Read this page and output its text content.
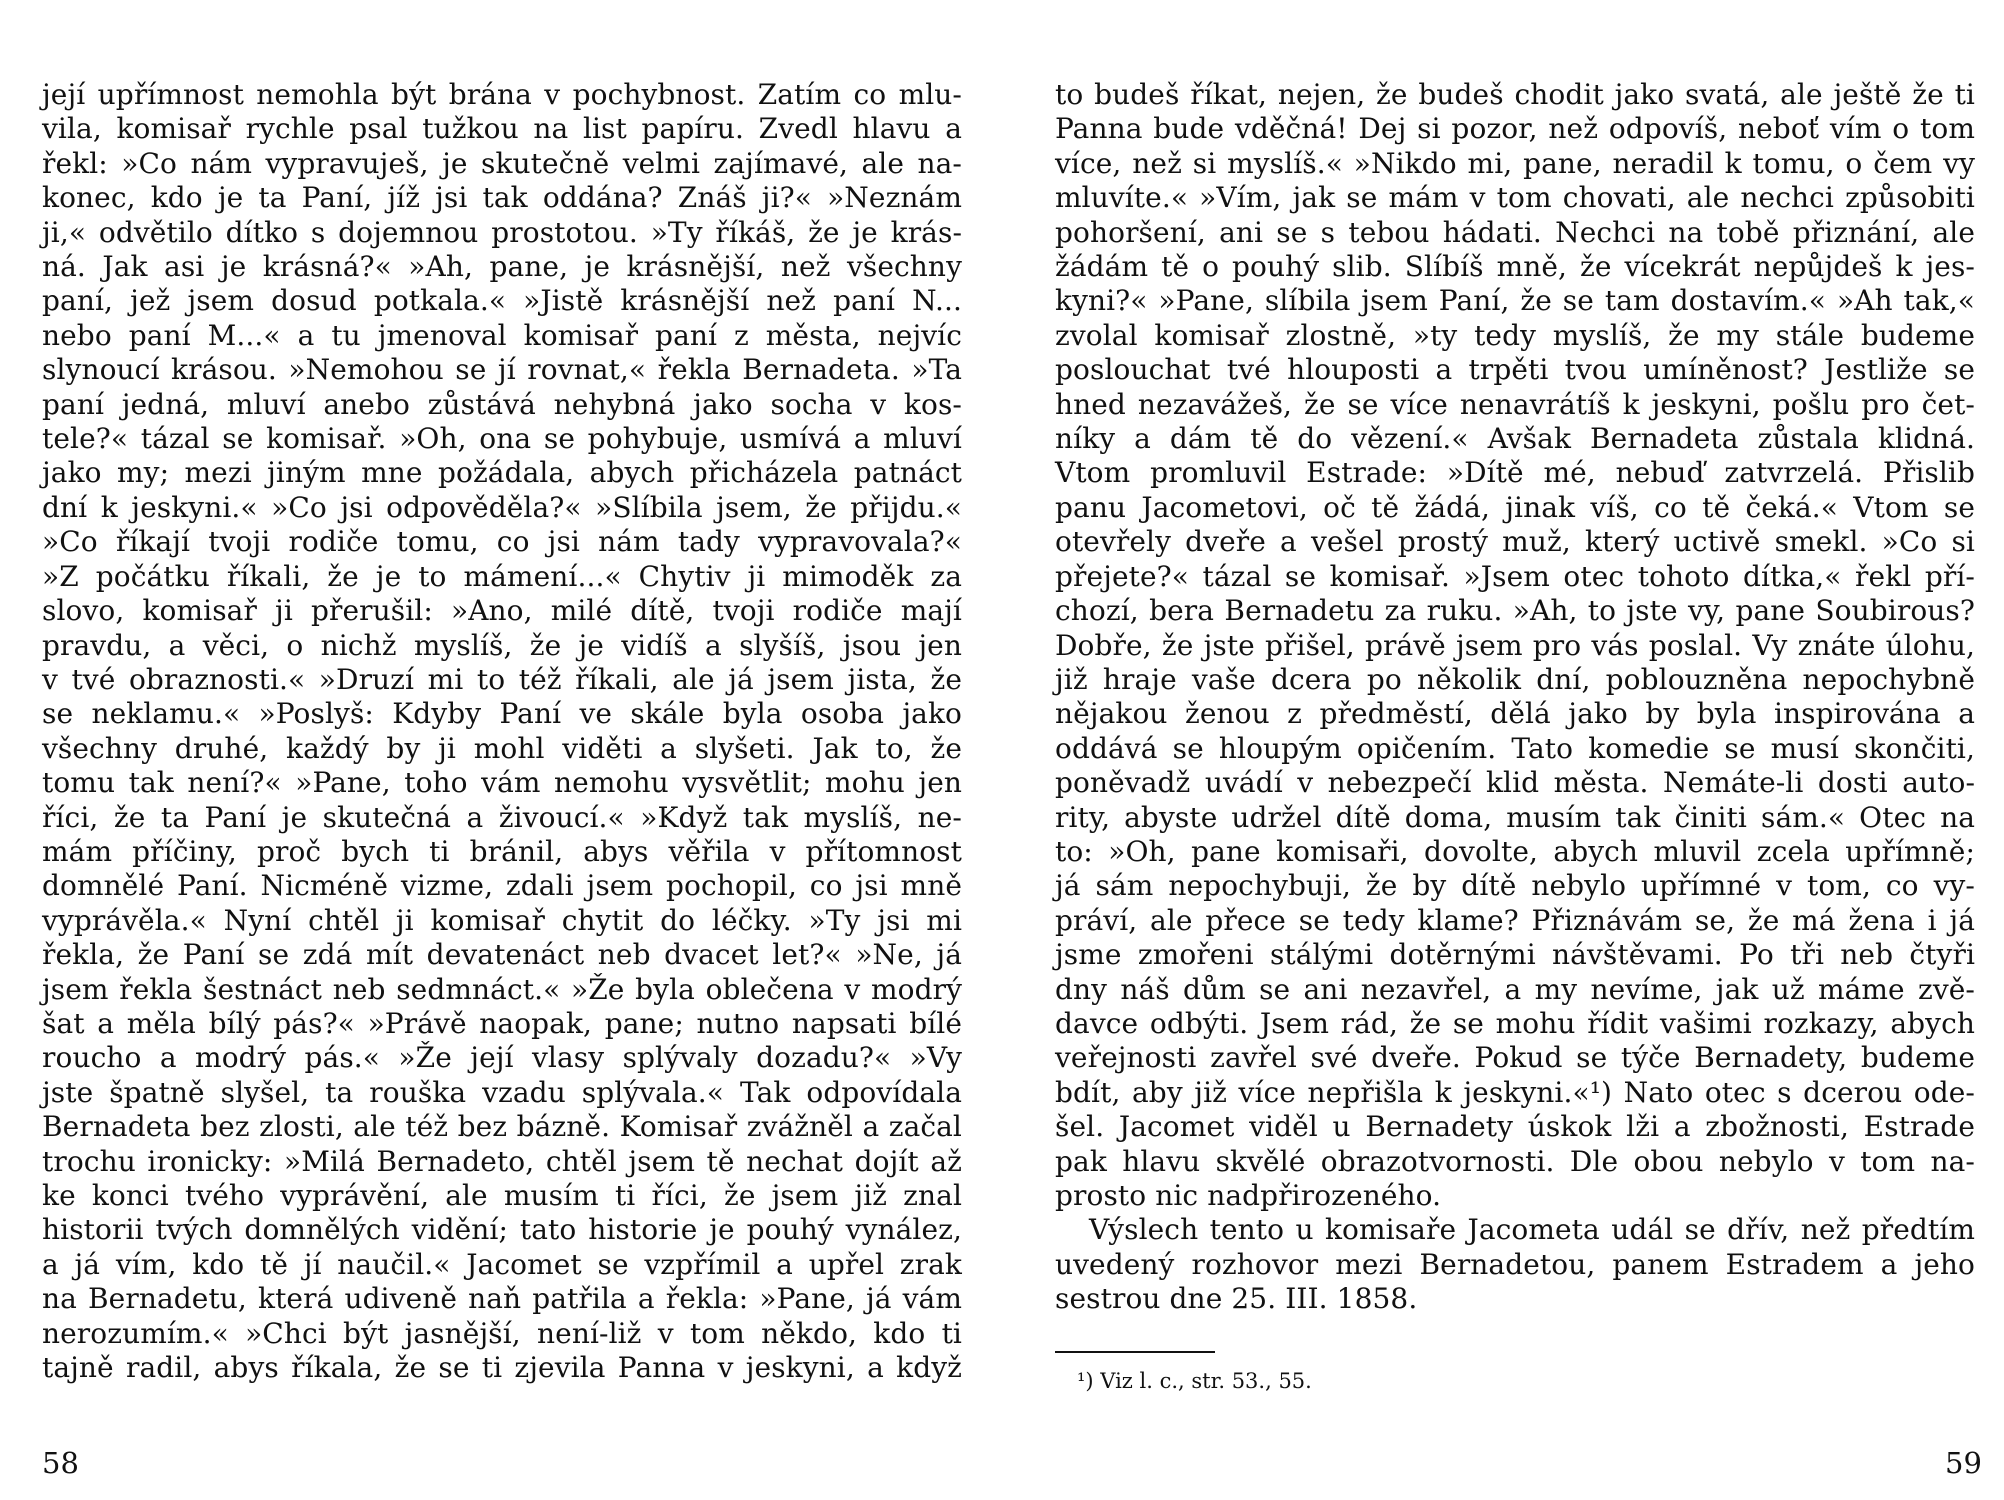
její upřímnost nemohla být brána v pochybnost. Zatím co mlu-
vila, komisař rychle psal tužkou na list papíru. Zvedl hlavu a
řekl: »Co nám vypravuješ, je skutečně velmi zajímavé, ale na-
konec, kdo je ta Paní, jíž jsi tak oddána? Znáš ji?« »Neznám
ji,« odvětilo dítko s dojemnou prostotou. »Ty říkáš, že je krás-
ná. Jak asi je krásná?« »Ah, pane, je krásnější, než všechny
paní, jež jsem dosud potkala.« »Jistě krásnější než paní N...
nebo paní M...« a tu jmenoval komisař paní z města, nejvíc
slynoucí krásou. »Nemohou se jí rovnat,« řekla Bernadeta. »Ta
paní jedná, mluví anebo zůstává nehybná jako socha v kos-
tele?« tázal se komisař. »Oh, ona se pohybuje, usmívá a mluví
jako my; mezi jiným mne požádala, abych přicházela patnáct
dní k jeskyni.« »Co jsi odpověděla?« »Slíbila jsem, že přijdu.«
»Co říkají tvoji rodiče tomu, co jsi nám tady vypravovala?«
»Z počátku říkali, že je to mámení...« Chytiv ji mimoděk za
slovo, komisař ji přerušil: »Ano, milé dítě, tvoji rodiče mají
pravdu, a věci, o nichž myslíš, že je vidíš a slyšíš, jsou jen
v tvé obraznosti.« »Druzí mi to též říkali, ale já jsem jista, že
se neklamu.« »Poslyš: Kdyby Paní ve skále byla osoba jako
všechny druhé, každý by ji mohl viděti a slyšeti. Jak to, že
tomu tak není?« »Pane, toho vám nemohu vysvětlit; mohu jen
říci, že ta Paní je skutečná a živoucí.« »Když tak myslíš, ne-
mám příčiny, proč bych ti bránil, abys věřila v přítomnost
domnělé Paní. Nicméně vizme, zdali jsem pochopil, co jsi mně
vyprávěla.« Nyní chtěl ji komisař chytit do léčky. »Ty jsi mi
řekla, že Paní se zdá mít devatenáct neb dvacet let?« »Ne, já
jsem řekla šestnáct neb sedmnáct.« »Že byla oblečena v modrý
šat a měla bílý pás?« »Právě naopak, pane; nutno napsati bílé
roucho a modrý pás.« »Že její vlasy splývaly dozadu?« »Vy
jste špatně slyšel, ta rouška vzadu splývala.« Tak odpovídala
Bernadeta bez zlosti, ale též bez bázně. Komisař zvážněl a začal
trochu ironicky: »Milá Bernadeto, chtěl jsem tě nechat dojít až
ke konci tvého vyprávění, ale musím ti říci, že jsem již znal
historii tvých domnělých vidění; tato historie je pouhý vynález,
a já vím, kdo tě jí naučil.« Jacomet se vzpřímil a upřel zrak
na Bernadetu, která udiveně naň patřila a řekla: »Pane, já vám
nerozumím.« »Chci být jasnější, není-liž v tom někdo, kdo ti
tajně radil, abys říkala, že se ti zjevila Panna v jeskyni, a když
58
to budeš říkat, nejen, že budeš chodit jako svatá, ale ještě že ti
Panna bude vděčná! Dej si pozor, než odpovíš, neboť vím o tom
více, než si myslíš.« »Nikdo mi, pane, neradil k tomu, o čem vy
mluvíte.« »Vím, jak se mám v tom chovati, ale nechci způsobiti
pohoršení, ani se s tebou hádati. Nechci na tobě přiznání, ale
žádám tě o pouhý slib. Slíbíš mně, že vícekrát nepůjdeš k jes-
kyni?« »Pane, slíbila jsem Paní, že se tam dostavím.« »Ah tak,«
zvolal komisař zlostně, »ty tedy myslíš, že my stále budeme
poslouchat tvé hlouposti a trpěti tvou umíněnost? Jestliže se
hned nezavážeš, že se více nenavrátíš k jeskyni, pošlu pro čet-
níky a dám tě do vězení.« Avšak Bernadeta zůstala klidná.
Vtom promluvil Estrade: »Dítě mé, nebuď zatvrzelá. Přislib
panu Jacometovi, oč tě žádá, jinak víš, co tě čeká.« Vtom se
otevřely dveře a vešel prostý muž, který uctivě smekl. »Co si
přejete?« tázal se komisař. »Jsem otec tohoto dítka,« řekl pří-
chozí, bera Bernadetu za ruku. »Ah, to jste vy, pane Soubirous?
Dobře, že jste přišel, právě jsem pro vás poslal. Vy znáte úlohu,
již hraje vaše dcera po několik dní, poblouzněna nepochybně
nějakou ženou z předměstí, dělá jako by byla inspirována a
oddává se hloupým opičením. Tato komedie se musí skončiti,
poněvadž uvádí v nebezpečí klid města. Nemáte-li dosti auto-
rity, abyste udržel dítě doma, musím tak činiti sám.« Otec na
to: »Oh, pane komisaři, dovolte, abych mluvil zcela upřímně;
já sám nepochybuji, že by dítě nebylo upřímné v tom, co vy-
práví, ale přece se tedy klame? Přiznávám se, že má žena i já
jsme zmořeni stálými dotěrnými návštěvami. Po tři neb čtyři
dny náš dům se ani nezavřel, a my nevíme, jak už máme zvě-
davce odbýti. Jsem rád, že se mohu řídit vašimi rozkazy, abych
veřejnosti zavřel své dveře. Pokud se týče Bernadety, budeme
bdít, aby již více nepřišla k jeskyni.«¹) Nato otec s dcerou ode-
šel. Jacomet viděl u Bernadety úskok lži a zbožnosti, Estrade
pak hlavu skvělé obrazotvornosti. Dle obou nebylo v tom na-
prosto nic nadpřirozeného.
Výslech tento u komisaře Jacometa udál se dřív, než předtím
uvedený rozhovor mezi Bernadetou, panem Estradem a jeho
sestrou dne 25. III. 1858.
¹) Viz l. c., str. 53., 55.
59
